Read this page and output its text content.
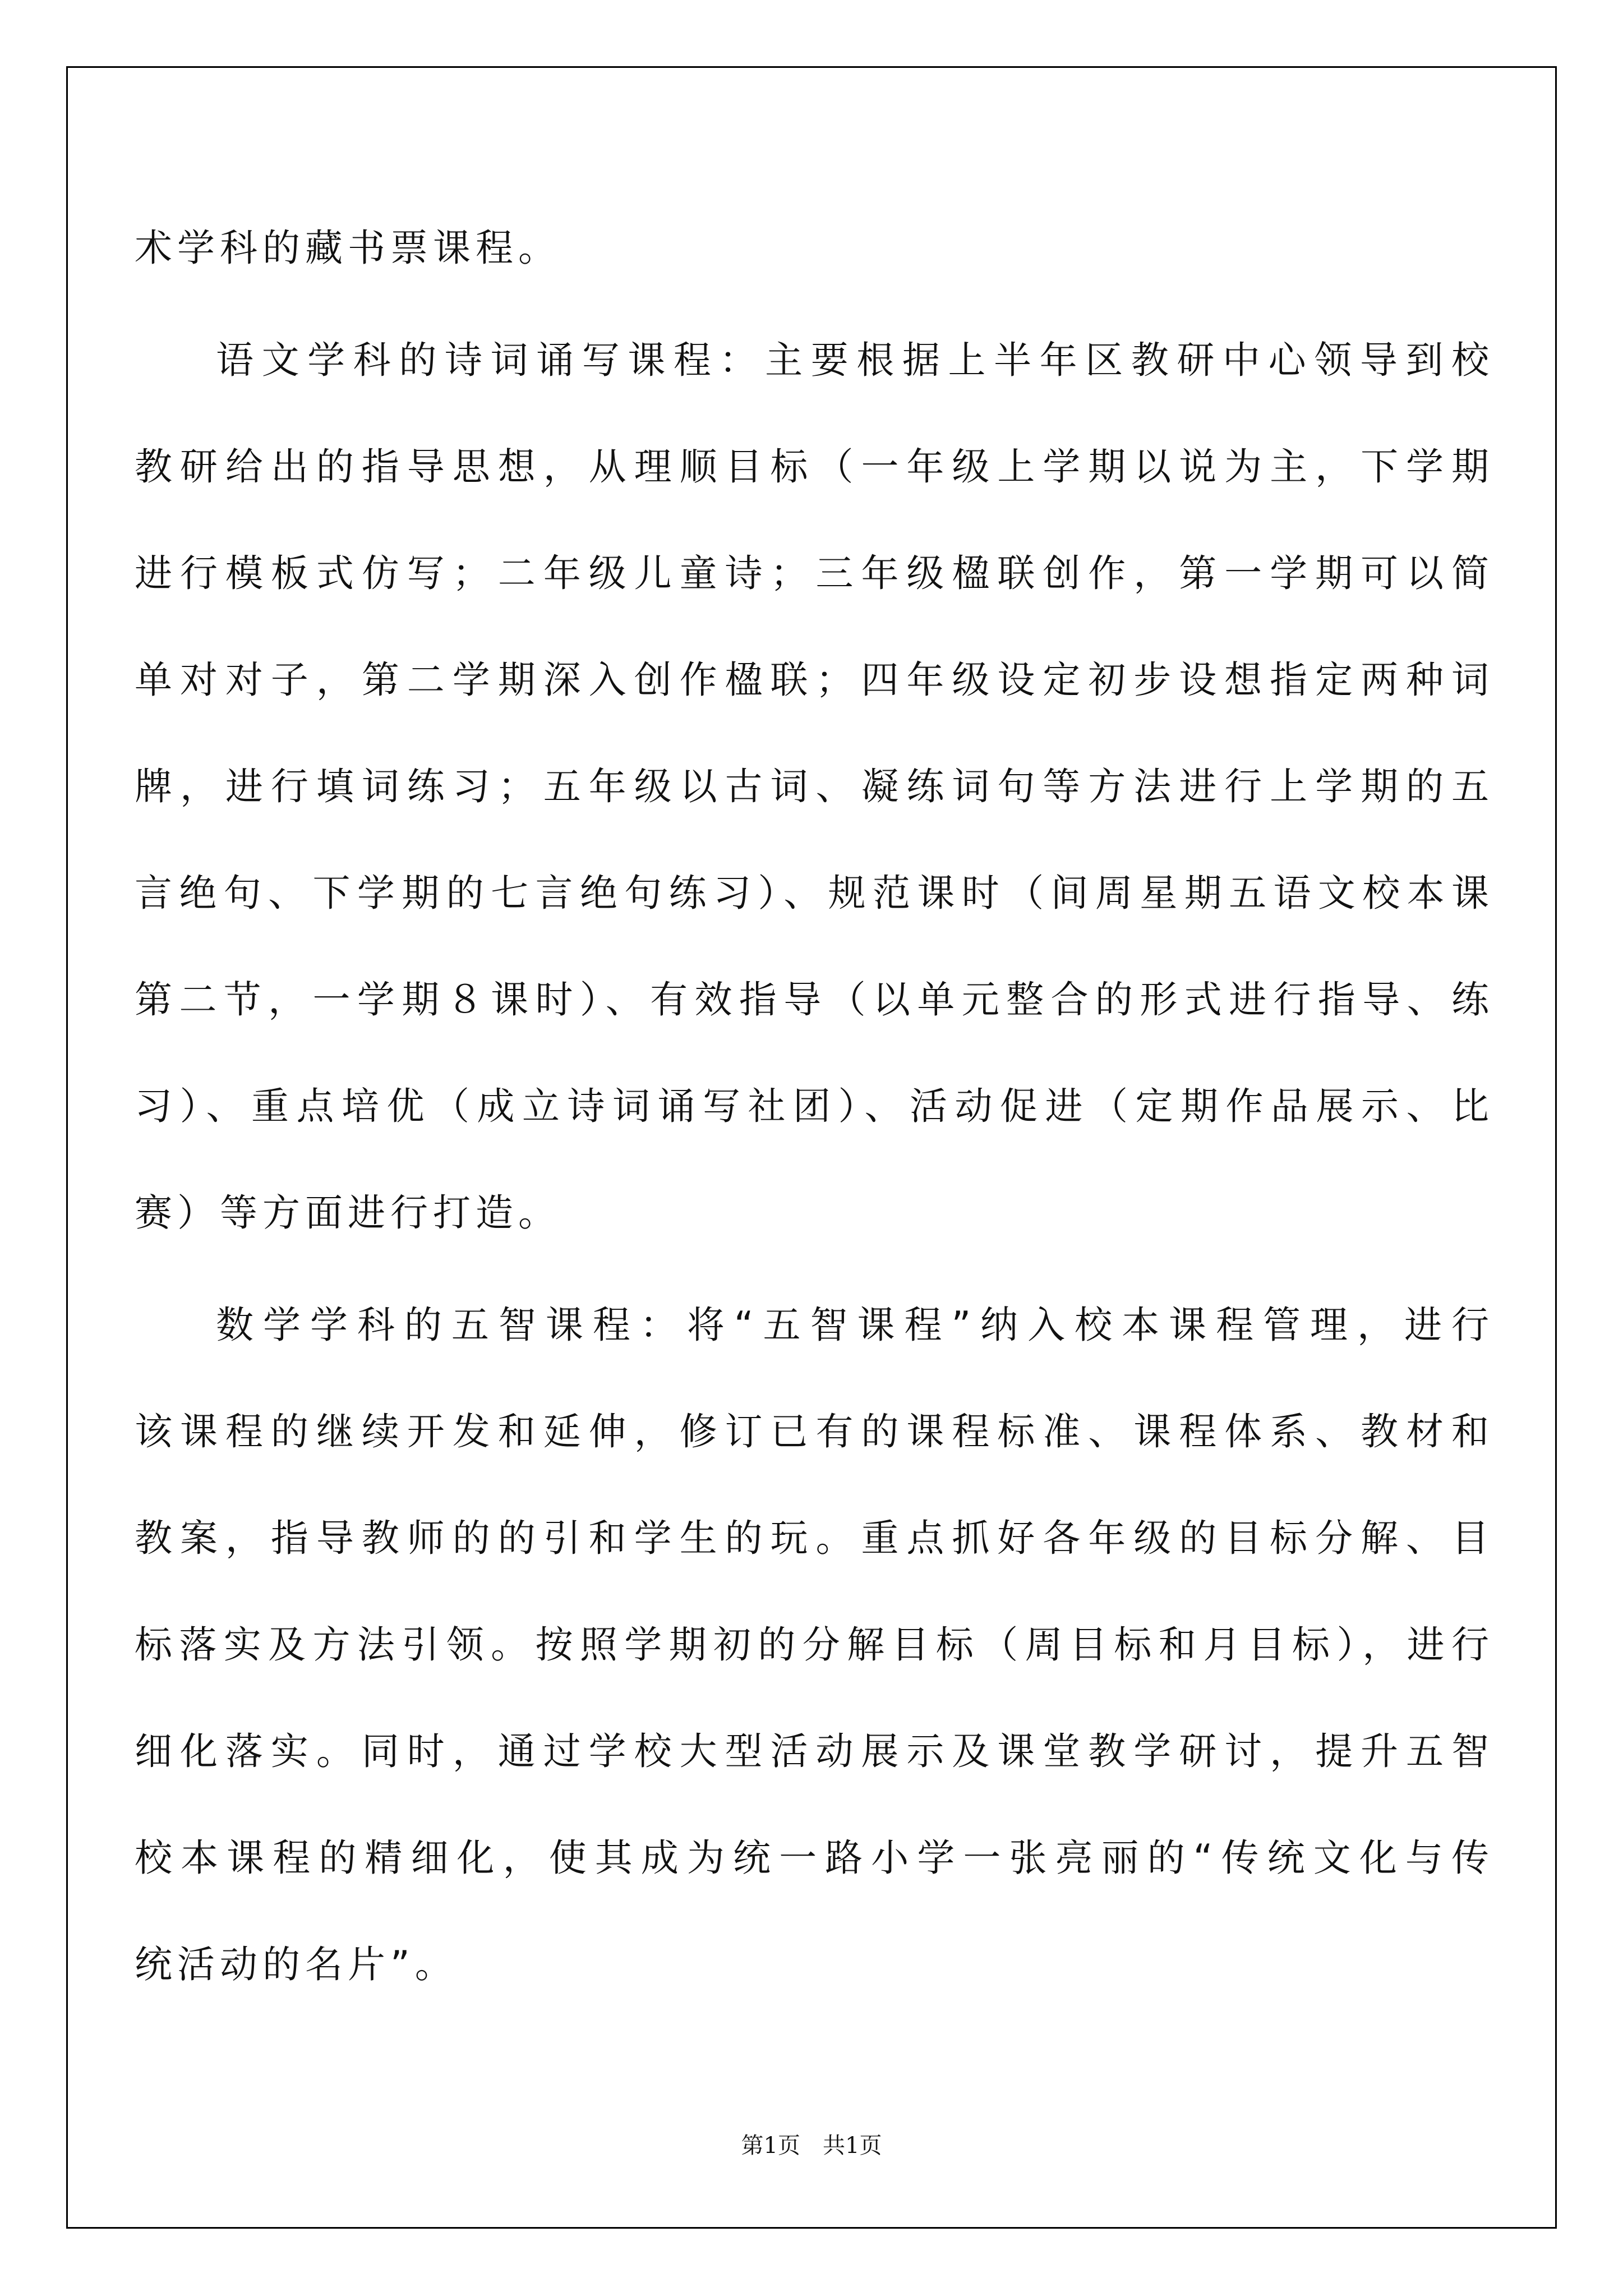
术学科的藏书票课程。
语文学科的诗词诵写课程：主要根据上半年区教研中心领导到校
教研给出的指导思想，从理顺目标（一年级上学期以说为主，下学期
进行模板式仿写；二年级儿童诗；三年级楹联创作，第一学期可以简
单对对子，第二学期深入创作楹联；四年级设定初步设想指定两种词
牌，进行填词练习；五年级以古词、凝练词句等方法进行上学期的五
言绝句、下学期的七言绝句练习）、规范课时（间周星期五语文校本课
第二节，一学期８课时）、有效指导（以单元整合的形式进行指导、练
习）、重点培优（成立诗词诵写社团）、活动促进（定期作品展示、比
赛）等方面进行打造。
数学学科的五智课程：将“五智课程”纳入校本课程管理，进行
该课程的继续开发和延伸，修订已有的课程标准、课程体系、教材和
教案，指导教师的的引和学生的玩。重点抓好各年级的目标分解、目
标落实及方法引领。按照学期初的分解目标（周目标和月目标），进行
细化落实。同时，通过学校大型活动展示及课堂教学研讨，提升五智
校本课程的精细化，使其成为统一路小学一张亮丽的“传统文化与传
统活动的名片”。
第1页　共1页
